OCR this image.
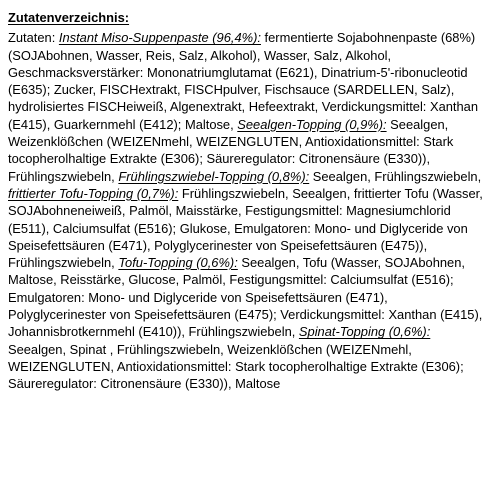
Zutatenverzeichnis:

Zutaten: Instant Miso-Suppenpaste (96,4%): fermentierte Sojabohnenpaste (68%) (SOJAbohnen, Wasser, Reis, Salz, Alkohol), Wasser, Salz, Alkohol, Geschmacksverstärker: Mononatriumglutamat (E621), Dinatrium-5'-ribonucleotid (E635); Zucker, FISCHextrakt, FISCHpulver, Fischsauce (SARDELLEN, Salz), hydrolisiertes FISCHeiweiß, Algenextrakt, Hefeextrakt, Verdickungsmittel: Xanthan (E415), Guarkernmehl (E412); Maltose, Seealgen-Topping (0,9%): Seealgen, Weizenklößchen (WEIZENmehl, WEIZENGLUTEN, Antioxidationsmittel: Stark tocopherolhaltige Extrakte (E306); Säureregulator: Citronensäure (E330)), Frühlingszwiebeln, Frühlingszwiebel-Topping (0,8%): Seealgen, Frühlingszwiebeln, frittierter Tofu-Topping (0,7%): Frühlingszwiebeln, Seealgen, frittierter Tofu (Wasser, SOJAbohneneiweiß, Palmöl, Maisstärke, Festigungsmittel: Magnesiumchlorid (E511), Calciumsulfat (E516); Glukose, Emulgatoren: Mono- und Diglyceride von Speisefettsäuren (E471), Polyglycerinester von Speisefettsäuren (E475)), Frühlingszwiebeln, Tofu-Topping (0,6%): Seealgen, Tofu (Wasser, SOJAbohnen, Maltose, Reisstärke, Glucose, Palmöl, Festigungsmittel: Calciumsulfat (E516); Emulgatoren: Mono- und Diglyceride von Speisefettsäuren (E471), Polyglycerinester von Speisefettsäuren (E475); Verdickungsmittel: Xanthan (E415), Johannisbrotkernmehl (E410)), Frühlingszwiebeln, Spinat-Topping (0,6%): Seealgen, Spinat , Frühlingszwiebeln, Weizenklößchen (WEIZENmehl, WEIZENGLUTEN, Antioxidationsmittel: Stark tocopherolhaltige Extrakte (E306); Säureregulator: Citronensäure (E330)), Maltose
